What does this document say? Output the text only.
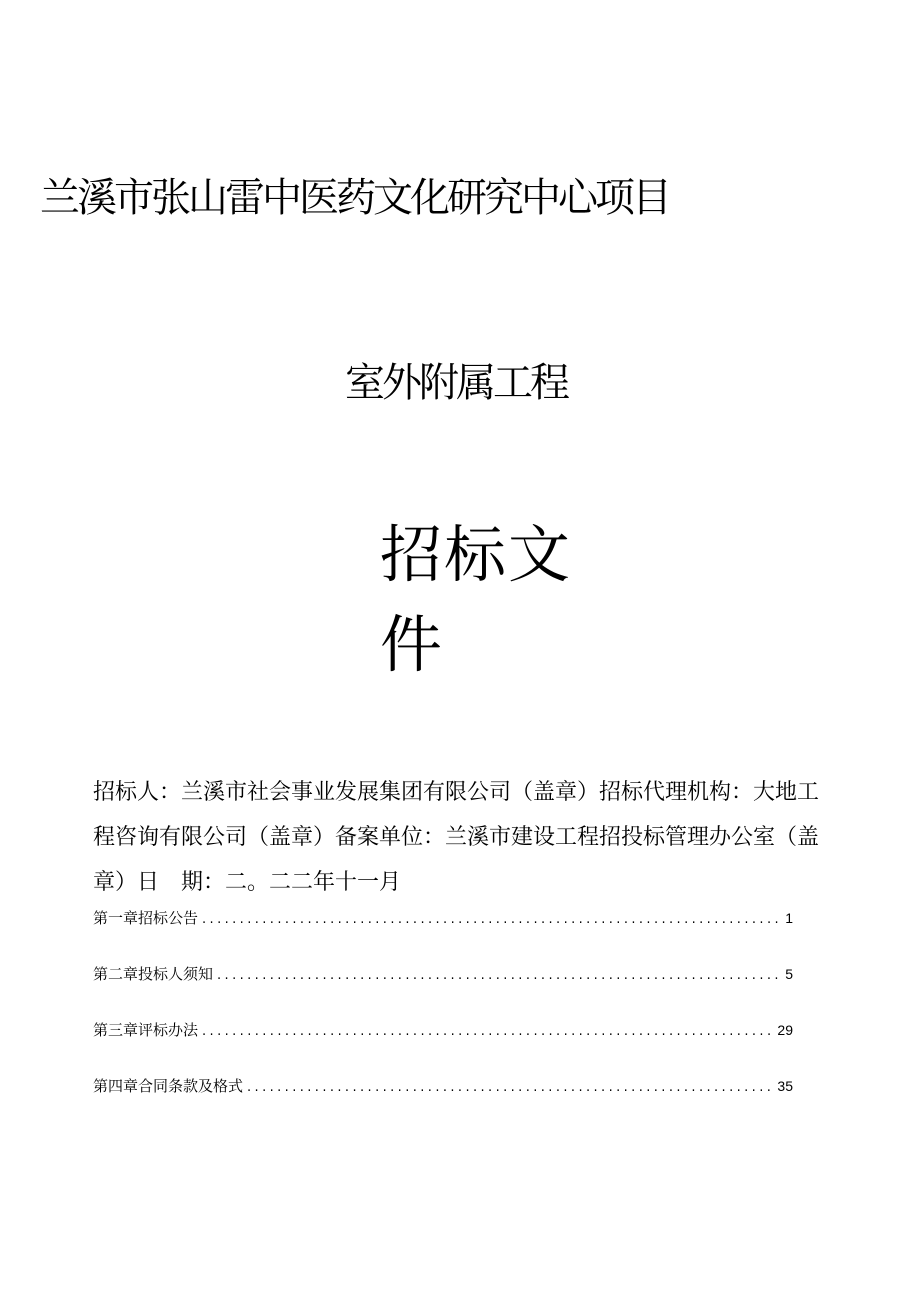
兰溪市张山雷中医药文化研究中心项目
室外附属工程
招标文件
招标人：兰溪市社会事业发展集团有限公司（盖章）招标代理机构：大地工程咨询有限公司（盖章）备案单位：兰溪市建设工程招投标管理办公室（盖章）日　期：二。二二年十一月
第一章招标公告 .....	1
第二章投标人须知 .....	5
第三章评标办法 .....	29
第四章合同条款及格式 .....	35
